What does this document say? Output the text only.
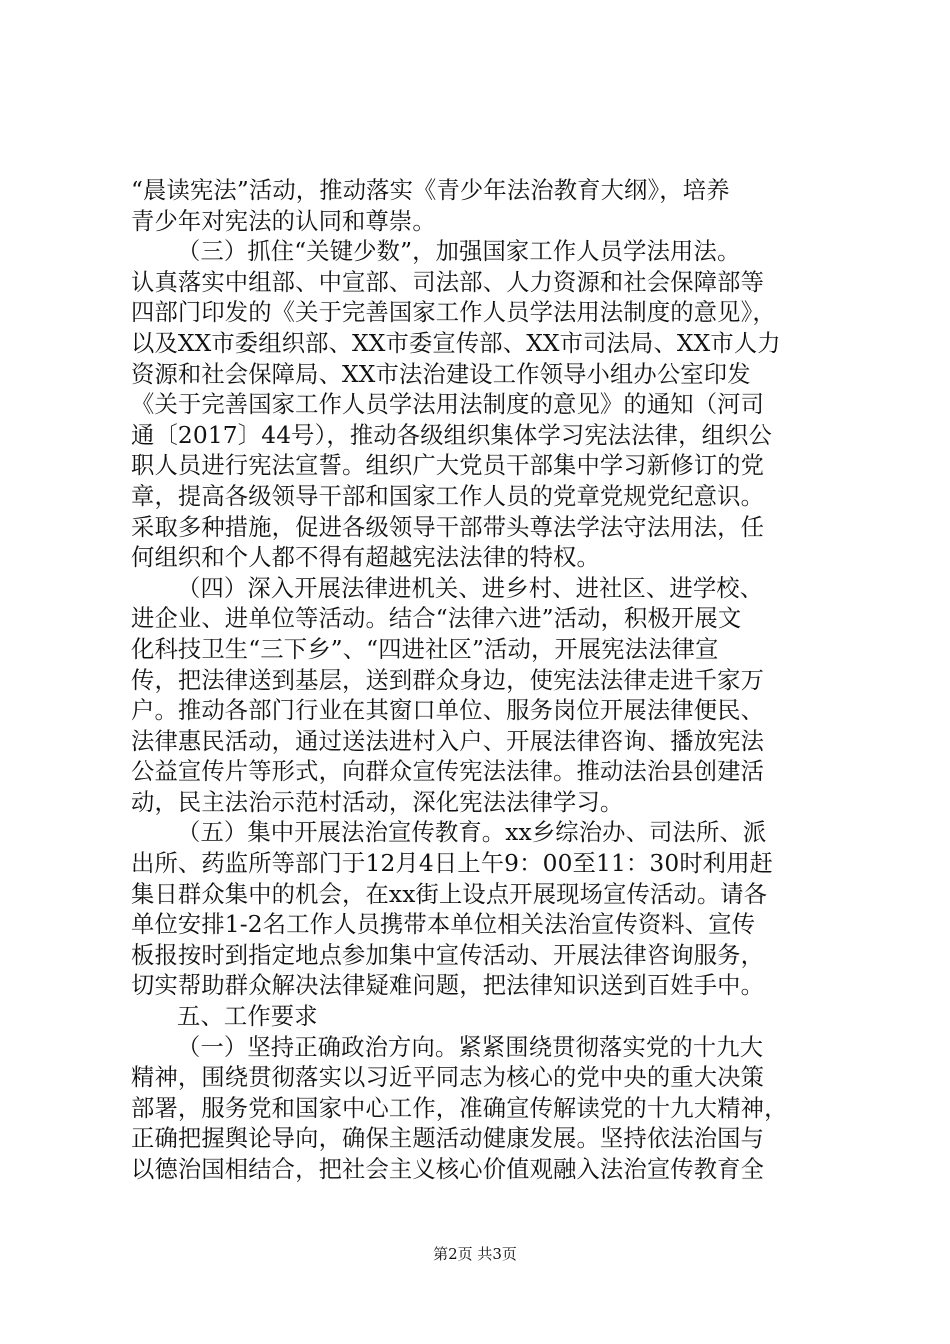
“晨读宪法”活动，推动落实《青少年法治教育大纲》，培养
青少年对宪法的认同和尊崇。
（三）抓住“关键少数”，加强国家工作人员学法用法。
认真落实中组部、中宣部、司法部、人力资源和社会保障部等
四部门印发的《关于完善国家工作人员学法用法制度的意见》，
以及XX市委组织部、XX市委宣传部、XX市司法局、XX市人力
资源和社会保障局、XX市法治建设工作领导小组办公室印发
《关于完善国家工作人员学法用法制度的意见》的通知（河司
通〔2017〕44号），推动各级组织集体学习宪法法律，组织公
职人员进行宪法宣誓。组织广大党员干部集中学习新修订的党
章，提高各级领导干部和国家工作人员的党章党规党纪意识。
采取多种措施，促进各级领导干部带头尊法学法守法用法，任
何组织和个人都不得有超越宪法法律的特权。
（四）深入开展法律进机关、进乡村、进社区、进学校、
进企业、进单位等活动。结合“法律六进”活动，积极开展文
化科技卫生“三下乡”、“四进社区”活动，开展宪法法律宣
传，把法律送到基层，送到群众身边，使宪法法律走进千家万
户。推动各部门行业在其窗口单位、服务岗位开展法律便民、
法律惠民活动，通过送法进村入户、开展法律咨询、播放宪法
公益宣传片等形式，向群众宣传宪法法律。推动法治县创建活
动，民主法治示范村活动，深化宪法法律学习。
（五）集中开展法治宣传教育。xx乡综治办、司法所、派
出所、药监所等部门于12月4日上午9：00至11：30时利用赶
集日群众集中的机会，在xx街上设点开展现场宣传活动。请各
单位安排1-2名工作人员携带本单位相关法治宣传资料、宣传
板报按时到指定地点参加集中宣传活动、开展法律咨询服务，
切实帮助群众解决法律疑难问题，把法律知识送到百姓手中。
五、工作要求
（一）坚持正确政治方向。紧紧围绕贯彻落实党的十九大
精神，围绕贯彻落实以习近平同志为核心的党中央的重大决策
部署，服务党和国家中心工作，准确宣传解读党的十九大精神，
正确把握舆论导向，确保主题活动健康发展。坚持依法治国与
以德治国相结合，把社会主义核心价值观融入法治宣传教育全
第2页 共3页
